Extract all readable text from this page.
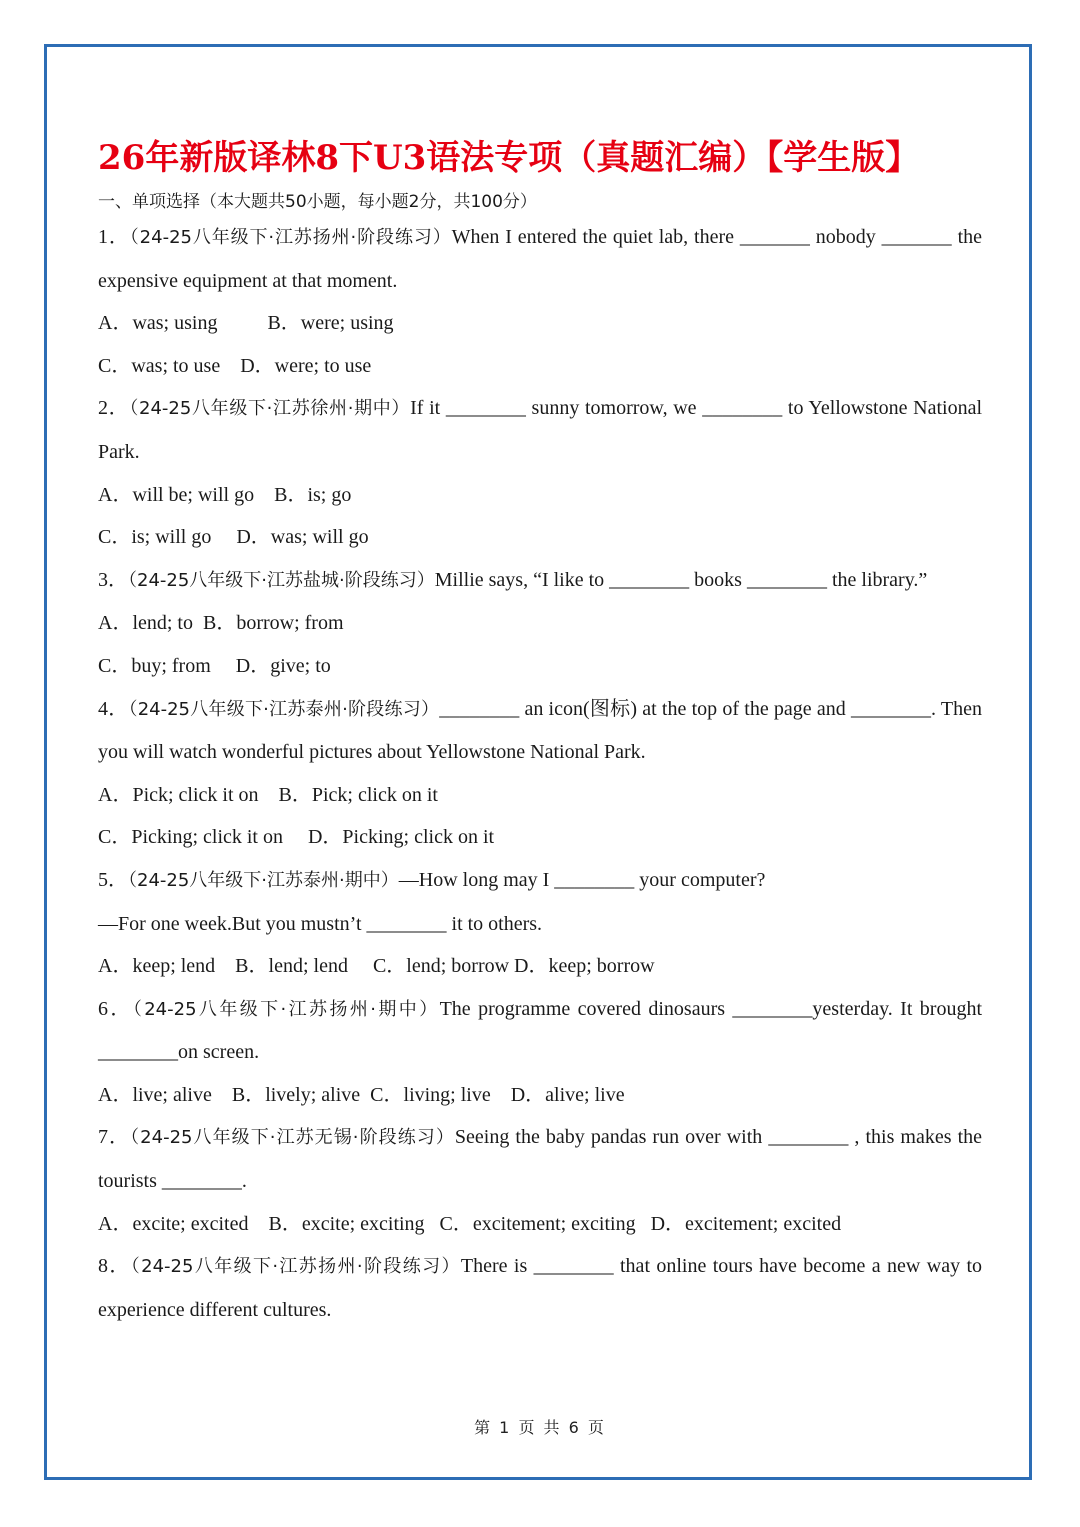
26年新版译林8下U3语法专项（真题汇编）【学生版】
一、单项选择（本大题共50小题，每小题2分，共100分）
1．（24-25八年级下·江苏扬州·阶段练习）When I entered the quiet lab, there _______ nobody _______ the expensive equipment at that moment.
A．was; using          B．were; using
C．was; to use    D．were; to use
2．（24-25八年级下·江苏徐州·期中）If it ________ sunny tomorrow, we ________ to Yellowstone National Park.
A．will be; will go    B．is; go
C．is; will go     D．was; will go
3．（24-25八年级下·江苏盐城·阶段练习）Millie says, “I like to ________ books ________ the library.”
A．lend; to  B．borrow; from
C．buy; from     D．give; to
4．（24-25八年级下·江苏泰州·阶段练习）________ an icon(图标) at the top of the page and ________. Then you will watch wonderful pictures about Yellowstone National Park.
A．Pick; click it on    B．Pick; click on it
C．Picking; click it on     D．Picking; click on it
5．（24-25八年级下·江苏泰州·期中）—How long may I ________ your computer?
—For one week.But you mustn’t ________ it to others.
A．keep; lend    B．lend; lend     C．lend; borrow D．keep; borrow
6．（24-25八年级下·江苏扬州·期中）The programme covered dinosaurs ________yesterday. It brought ________on screen.
A．live; alive    B．lively; alive  C．living; live    D．alive; live
7．（24-25八年级下·江苏无锡·阶段练习）Seeing the baby pandas run over with ________ , this makes the tourists ________.
A．excite; excited    B．excite; exciting   C．excitement; exciting   D．excitement; excited
8．（24-25八年级下·江苏扬州·阶段练习）There is ________ that online tours have become a new way to experience different cultures.
第 1 页 共 6 页
